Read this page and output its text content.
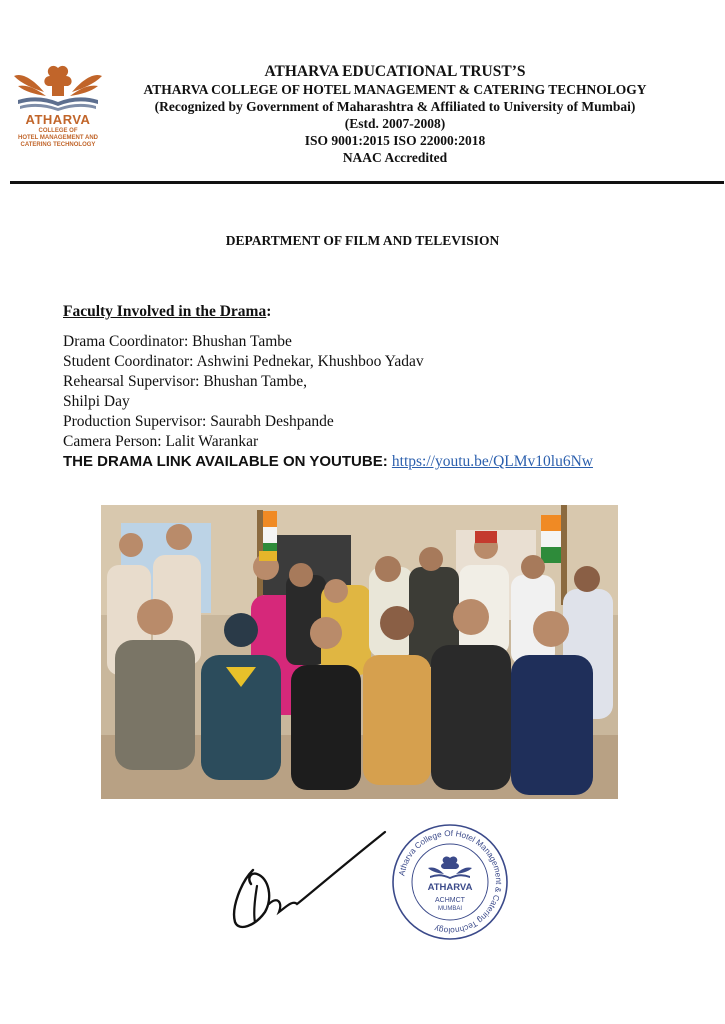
ATHARVA
COLLEGE OF
HOTEL MANAGEMENT AND
CATERING TECHNOLOGY
ATHARVA EDUCATIONAL TRUST’S
ATHARVA COLLEGE OF HOTEL MANAGEMENT & CATERING TECHNOLOGY
(Recognized by Government of Maharashtra & Affiliated to University of Mumbai)
(Estd. 2007-2008)
ISO 9001:2015 ISO 22000:2018
NAAC Accredited
DEPARTMENT OF FILM AND TELEVISION
Faculty Involved in the Drama:
Drama Coordinator: Bhushan Tambe
Student Coordinator: Ashwini Pednekar, Khushboo Yadav
Rehearsal Supervisor: Bhushan Tambe,
Shilpi Day
Production Supervisor: Saurabh Deshpande
Camera Person: Lalit Warankar
THE DRAMA LINK AVAILABLE ON YOUTUBE: https://youtu.be/QLMv10lu6Nw
Atharva College Of Hotel Management & Catering Technology
ATHARVA
ACHMCT
MUMBAI
